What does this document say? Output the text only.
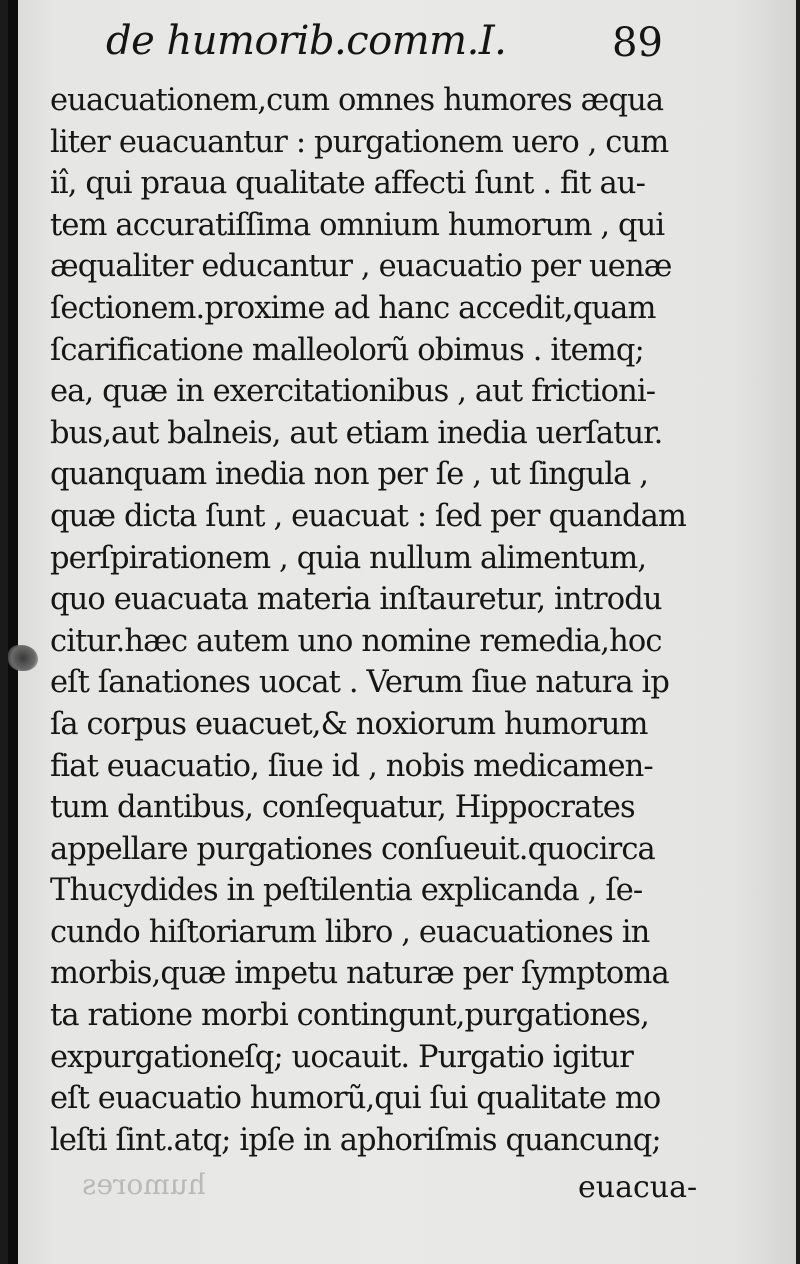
de humorib.comm.I.	89
euacuationem,cum omnes humores æqua
liter euacuantur : purgationem uero , cum
iî, qui praua qualitate affecti ſunt . fit au-
tem accuratiſſima omnium humorum , qui
æqualiter educantur , euacuatio per uenæ
ſectionem.proxime ad hanc accedit,quam
ſcarificatione malleolorũ obimus . itemq;
ea, quæ in exercitationibus , aut frictioni-
bus,aut balneis, aut etiam inedia uerſatur.
quanquam inedia non per ſe , ut ſingula ,
quæ dicta ſunt , euacuat : ſed per quandam
perſpirationem , quia nullum alimentum,
quo euacuata materia inſtauretur, introdu
citur.hæc autem uno nomine remedia,hoc
eſt ſanationes uocat . Verum ſiue natura ip
ſa corpus euacuet,& noxiorum humorum
fiat euacuatio, ſiue id , nobis medicamen-
tum dantibus, conſequatur, Hippocrates
appellare purgationes conſueuit.quocirca
Thucydides in peſtilentia explicanda , ſe-
cundo hiſtoriarum libro , euacuationes in
morbis,quæ impetu naturæ per ſymptoma
ta ratione morbi contingunt,purgationes,
expurgationeſq; uocauit. Purgatio igitur
eſt euacuatio humorũ,qui ſui qualitate mo
leſti ſint.atq; ipſe in aphoriſmis quancunq;
humores	euacua-
